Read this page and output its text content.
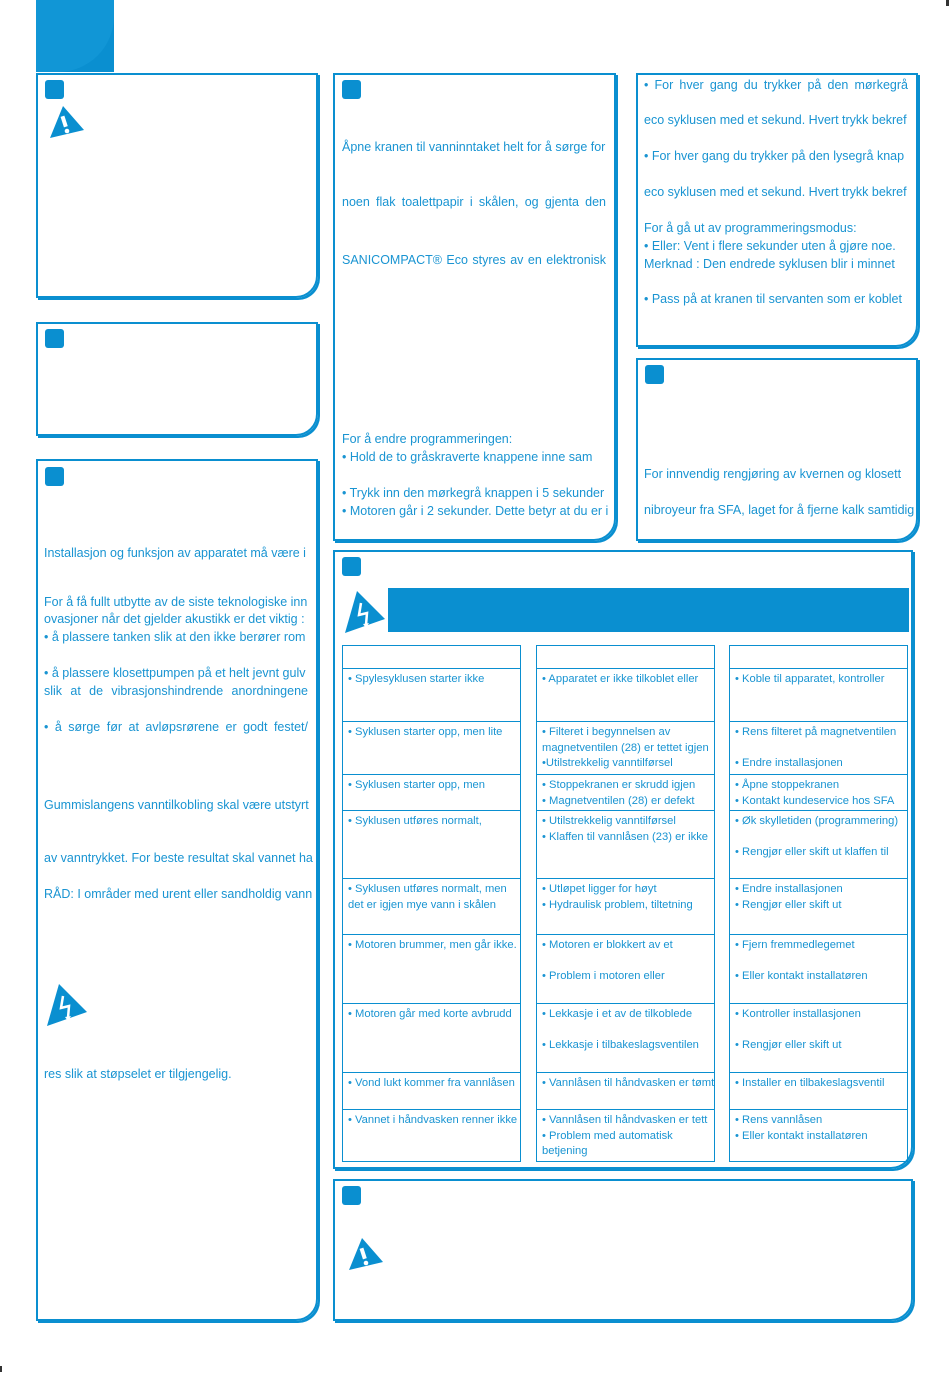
Installasjon og funksjon av apparatet må være i
For å få fullt utbytte av de siste teknologiske inn
ovasjoner når det gjelder akustikk er det viktig :
• å plassere tanken slik at den ikke berører rom
• å plassere klosettpumpen på et helt jevnt gulv
slik at de vibrasjonshindrende anordningene
• å sørge før at avløpsrørene er godt festet/
Gummislangens vanntilkobling skal være utstyrt
av vanntrykket. For beste resultat skal vannet ha
RÅD: I områder med urent eller sandholdig vann
res slik at støpselet er tilgjengelig.
Åpne kranen til vanninntaket helt for å sørge for
noen flak toalettpapir i skålen, og gjenta den
SANICOMPACT® Eco styres av en elektronisk
For å endre programmeringen:
• Hold de to gråskraverte knappene inne sam
• Trykk inn den mørkegrå knappen i 5 sekunder
• Motoren går i 2 sekunder. Dette betyr at du er i
• For hver gang du trykker på den mørkegrå
eco syklusen med et sekund. Hvert trykk bekref
• For hver gang du trykker på den lysegrå knap
eco syklusen med et sekund. Hvert trykk bekref
For å gå ut av programmeringsmodus:
• Eller: Vent i flere sekunder uten å gjøre noe.
Merknad : Den endrede syklusen blir i minnet
• Pass på at kranen til servanten som er koblet
For innvendig rengjøring av kvernen og klosett
nibroyeur fra SFA, laget for å fjerne kalk samtidig
• Spylesyklusen starter ikke
• Syklusen starter opp, men lite
• Syklusen starter opp, men
• Syklusen utføres normalt,
• Syklusen utføres normalt, men
det er igjen mye vann i skålen
• Motoren brummer, men går ikke.
• Motoren går med korte avbrudd
• Vond lukt kommer fra vannlåsen
• Vannet i håndvasken renner ikke
• Apparatet er ikke tilkoblet eller
• Filteret i begynnelsen av
magnetventilen (28) er tettet igjen
•Utilstrekkelig vanntilførsel
• Stoppekranen er skrudd igjen
• Magnetventilen (28) er defekt
• Utilstrekkelig vanntilførsel
• Klaffen til vannlåsen (23) er ikke
• Utløpet ligger for høyt
• Hydraulisk problem, tiltetning
• Motoren er blokkert av et
• Problem i motoren eller
• Lekkasje i et av de tilkoblede
• Lekkasje i tilbakeslagsventilen
• Vannlåsen til håndvasken er tømt
• Vannlåsen til håndvasken er tett
• Problem med automatisk
betjening
• Koble til apparatet, kontroller
• Rens filteret på magnetventilen
• Endre installasjonen
• Åpne stoppekranen
• Kontakt kundeservice hos SFA
• Øk skylletiden (programmering)
• Rengjør eller skift ut klaffen til
• Endre installasjonen
• Rengjør eller skift ut
• Fjern fremmedlegemet
• Eller kontakt installatøren
• Kontroller installasjonen
• Rengjør eller skift ut
• Installer en tilbakeslagsventil
• Rens vannlåsen
• Eller kontakt installatøren
